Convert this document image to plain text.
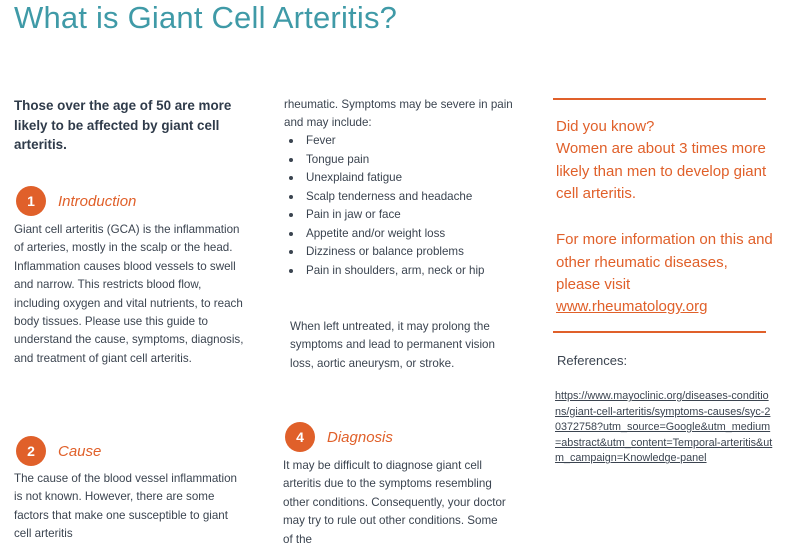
What is Giant Cell Arteritis?

Those over the age of 50 are more likely to be affected by giant cell arteritis.

1	Introduction

Giant cell arteritis (GCA) is the inflammation of arteries, mostly in the scalp or the head. Inflammation causes blood vessels to swell and narrow. This restricts blood flow, including oxygen and vital nutrients, to reach body tissues. Please use this guide to understand the cause, symptoms, diagnosis, and treatment of giant cell arteritis.

2	Cause

The cause of the blood vessel inflammation is not known. However, there are some factors that make one susceptible to giant cell arteritis

rheumatic. Symptoms may be severe in pain and may include:

Fever
Tongue pain
Unexplaind fatigue
Scalp tenderness and headache
Pain in jaw or face
Appetite and/or weight loss
Dizziness or balance problems
Pain in shoulders, arm, neck or hip

When left untreated, it may prolong the symptoms and lead to permanent vision loss, aortic aneurysm, or stroke.

4	Diagnosis

It may be difficult to diagnose giant cell arteritis due to the symptoms resembling other conditions. Consequently, your doctor may try to rule out other conditions. Some of the

Did you know?

Women are about 3 times more likely than men to develop giant cell arteritis.

For more information on this and other rheumatic diseases, please visit

www.rheumatology.org
References:
https://www.mayoclinic.org/diseases-conditions/giant-cell-arteritis/symptoms-causes/syc-20372758?utm_source=Google&utm_medium=abstract&utm_content=Temporal-arteritis&utm_campaign=Knowledge-panel
